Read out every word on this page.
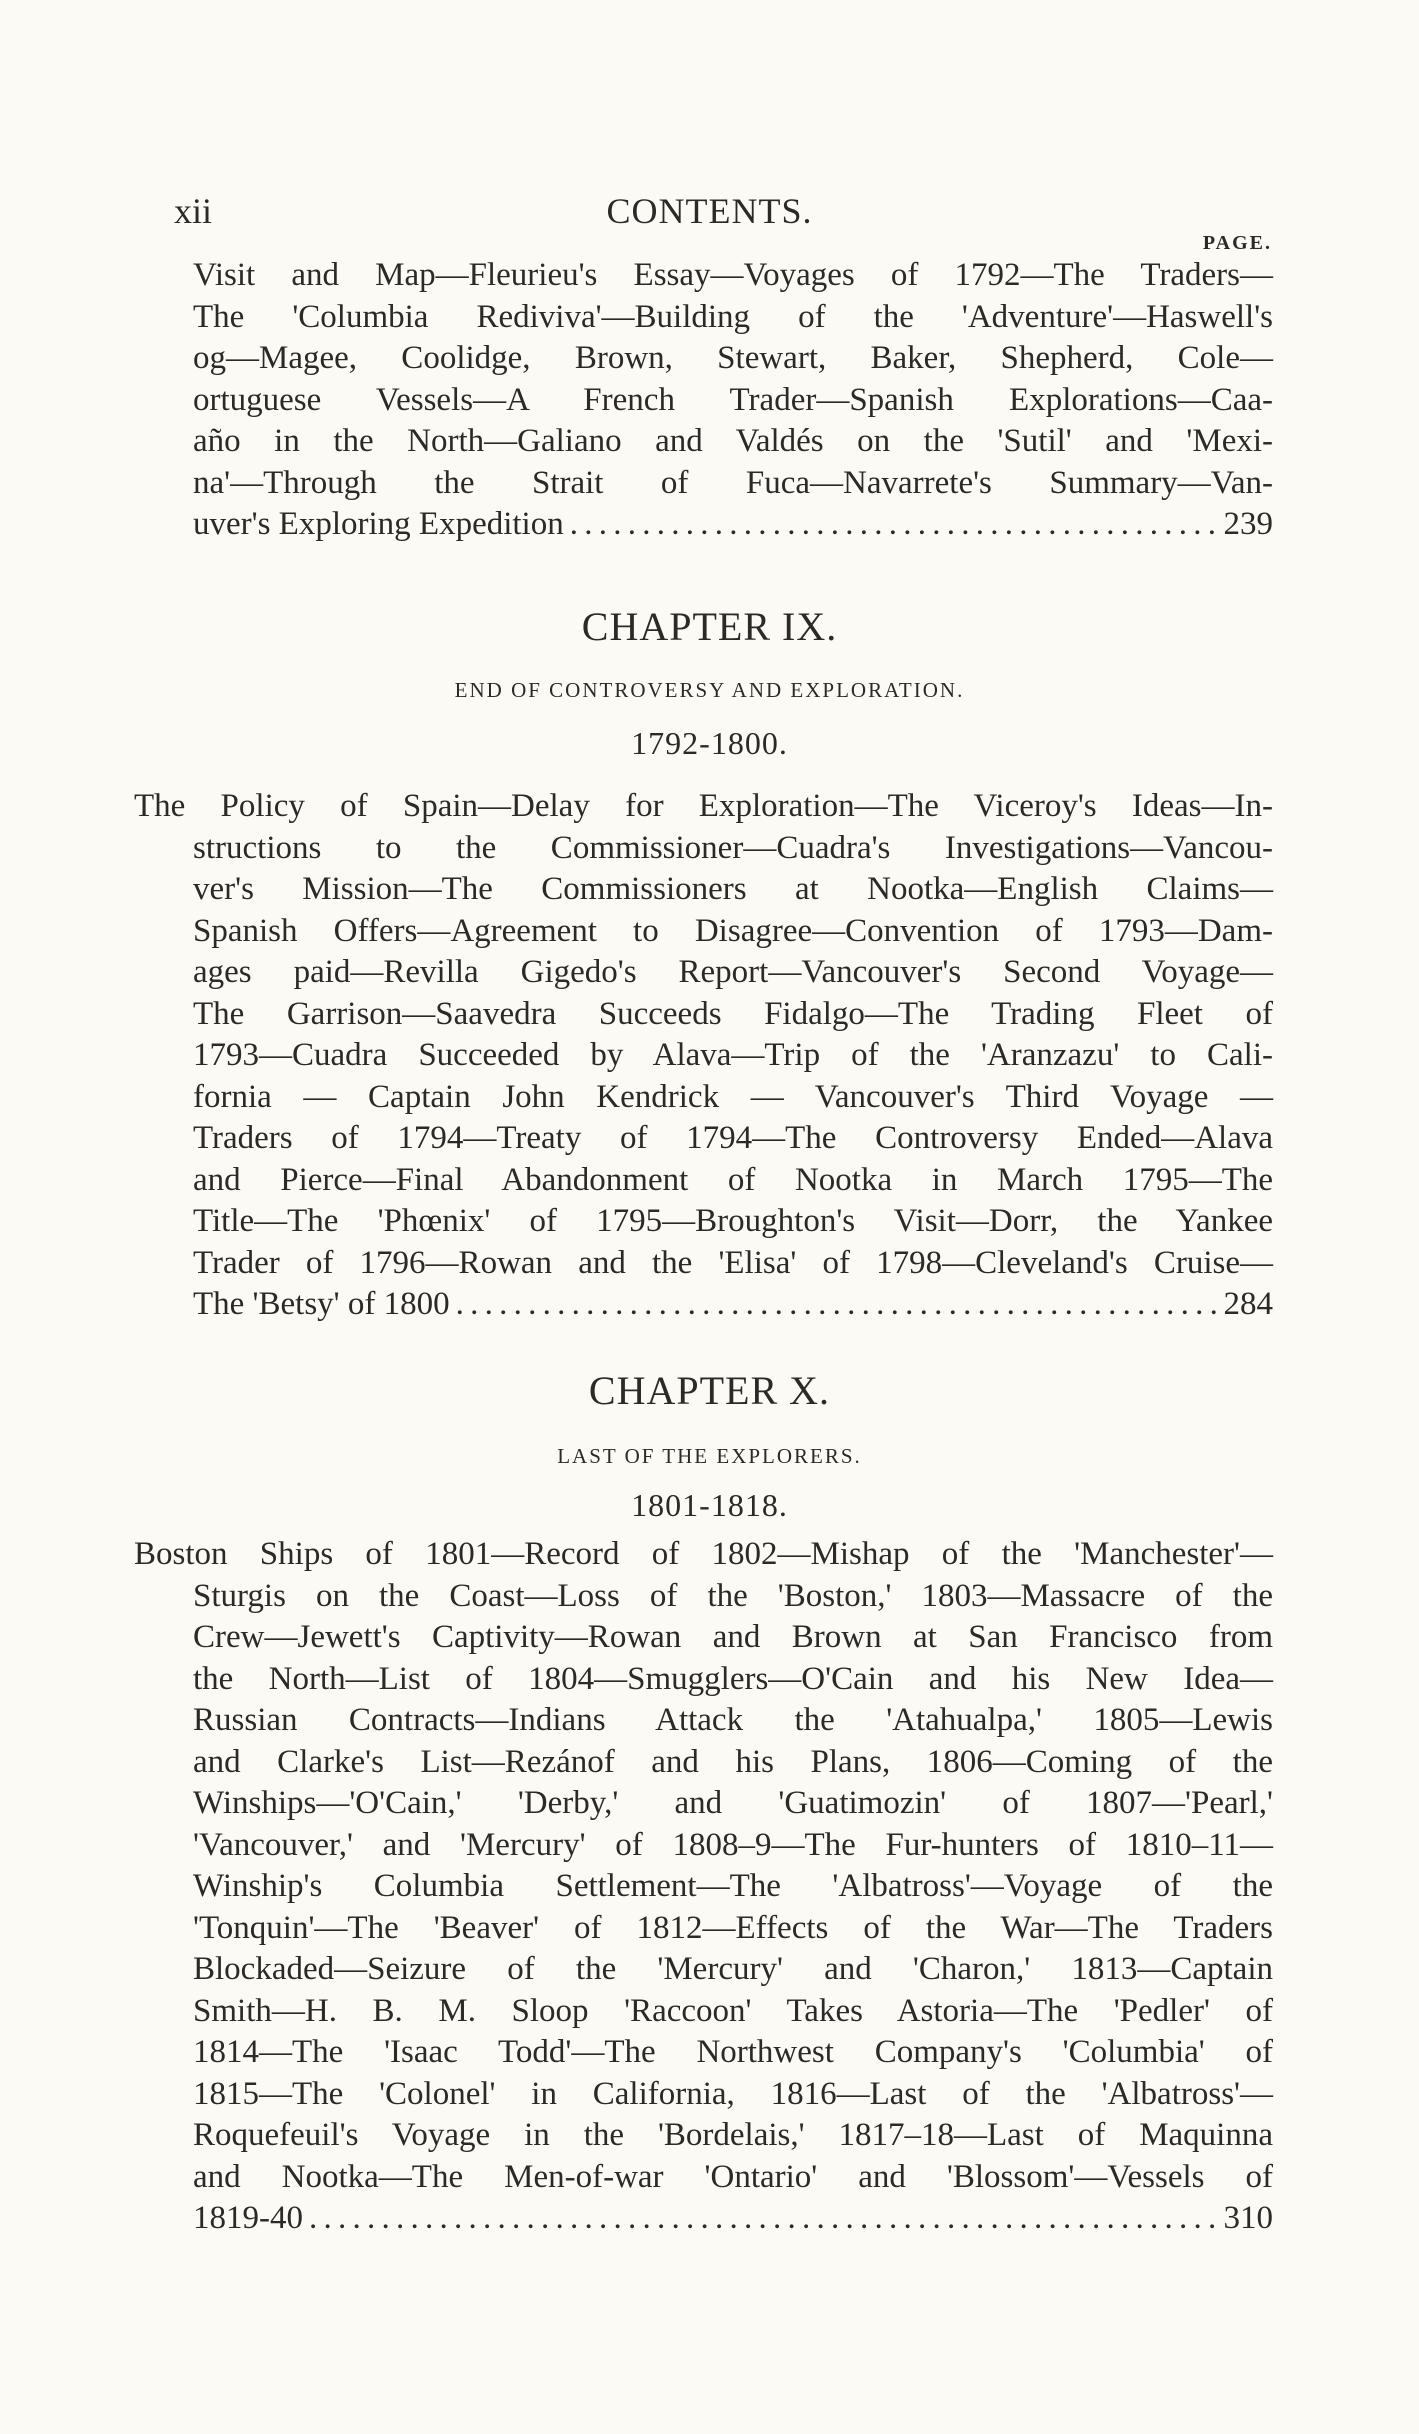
xii	CONTENTS.
PAGE.
Visit and Map—Fleurieu's Essay—Voyages of 1792—The Traders—
The 'Columbia Rediviva'—Building of the 'Adventure'—Haswell's
og—Magee, Coolidge, Brown, Stewart, Baker, Shepherd, Cole—
ortuguese Vessels—A French Trader—Spanish Explorations—Caa-
año in the North—Galiano and Valdés on the 'Sutil' and 'Mexi-
na'—Through the Strait of Fuca—Navarrete's Summary—Van-
uver's Exploring Expedition . . .	239
CHAPTER IX.
END OF CONTROVERSY AND EXPLORATION.
1792-1800.
The Policy of Spain—Delay for Exploration—The Viceroy's Ideas—In-
structions to the Commissioner—Cuadra's Investigations—Vancou-
ver's Mission—The Commissioners at Nootka—English Claims—
Spanish Offers—Agreement to Disagree—Convention of 1793—Dam-
ages paid—Revilla Gigedo's Report—Vancouver's Second Voyage—
The Garrison—Saavedra Succeeds Fidalgo—The Trading Fleet of
1793—Cuadra Succeeded by Alava—Trip of the 'Aranzazu' to Cali-
fornia — Captain John Kendrick — Vancouver's Third Voyage —
Traders of 1794—Treaty of 1794—The Controversy Ended—Alava
and Pierce—Final Abandonment of Nootka in March 1795—The
Title—The 'Phœnix' of 1795—Broughton's Visit—Dorr, the Yankee
Trader of 1796—Rowan and the 'Elisa' of 1798—Cleveland's Cruise—
The 'Betsy' of 1800 . . .	284
CHAPTER X.
LAST OF THE EXPLORERS.
1801-1818.
Boston Ships of 1801—Record of 1802—Mishap of the 'Manchester'—
Sturgis on the Coast—Loss of the 'Boston,' 1803—Massacre of the
Crew—Jewett's Captivity—Rowan and Brown at San Francisco from
the North—List of 1804—Smugglers—O'Cain and his New Idea—
Russian Contracts—Indians Attack the 'Atahualpa,' 1805—Lewis
and Clarke's List—Rezánof and his Plans, 1806—Coming of the
Winships—'O'Cain,' 'Derby,' and 'Guatimozin' of 1807—'Pearl,'
'Vancouver,' and 'Mercury' of 1808–9—The Fur-hunters of 1810–11—
Winship's Columbia Settlement—The 'Albatross'—Voyage of the
'Tonquin'—The 'Beaver' of 1812—Effects of the War—The Traders
Blockaded—Seizure of the 'Mercury' and 'Charon,' 1813—Captain
Smith—H. B. M. Sloop 'Raccoon' Takes Astoria—The 'Pedler' of
1814—The 'Isaac Todd'—The Northwest Company's 'Columbia' of
1815—The 'Colonel' in California, 1816—Last of the 'Albatross'—
Roquefeuil's Voyage in the 'Bordelais,' 1817–18—Last of Maquinna
and Nootka—The Men-of-war 'Ontario' and 'Blossom'—Vessels of
1819-40 . . .	310
